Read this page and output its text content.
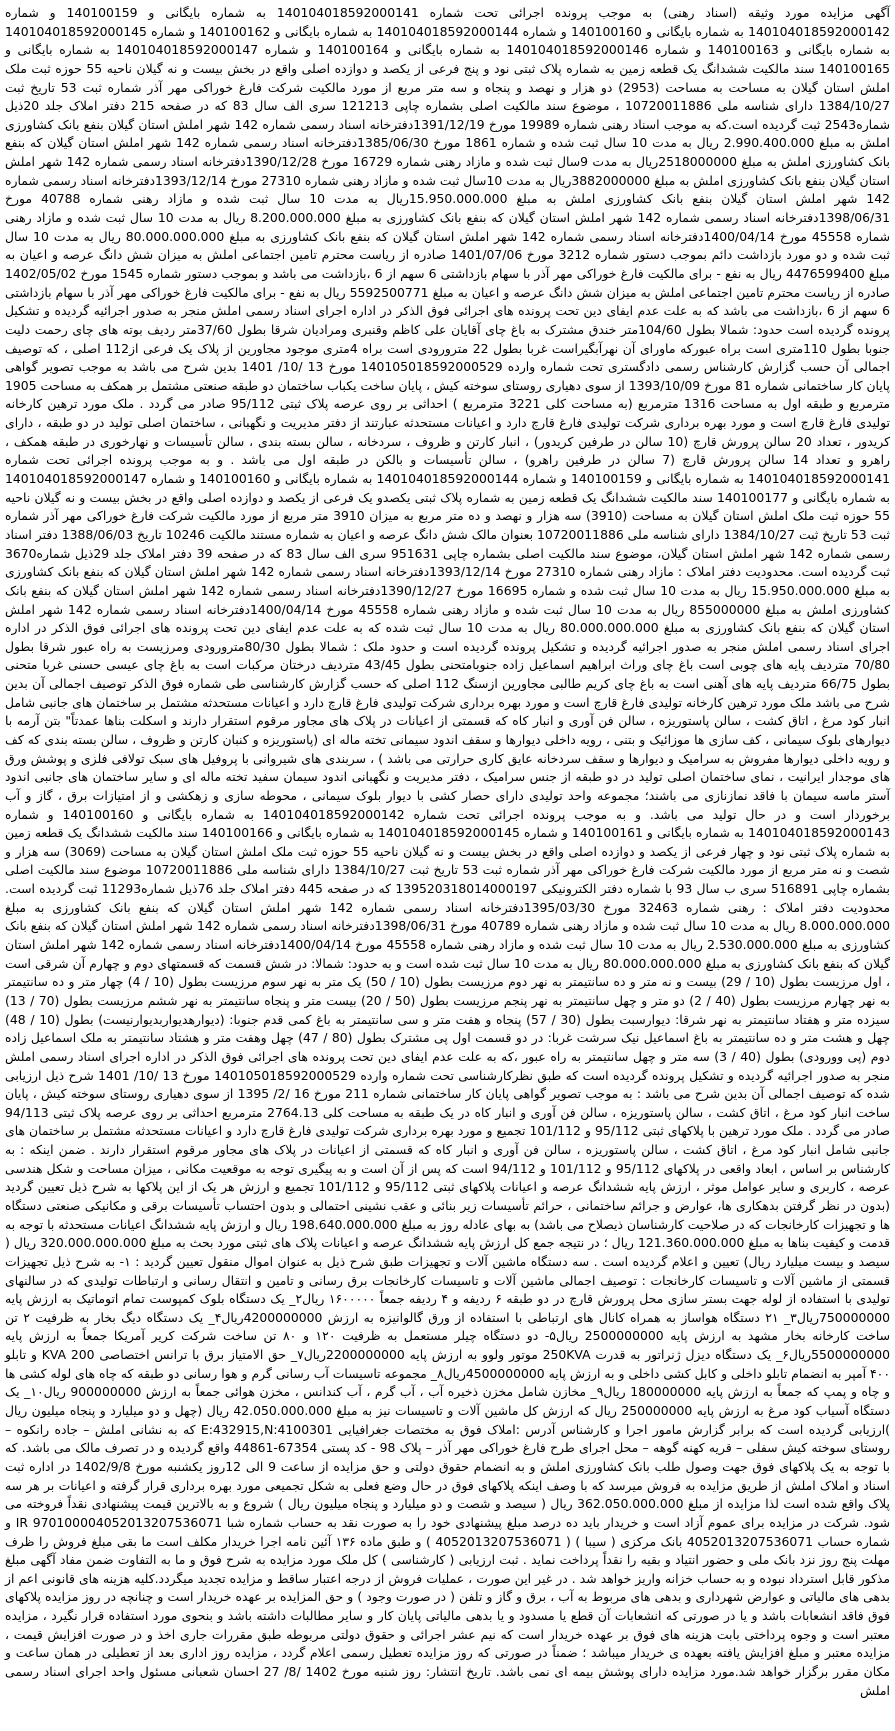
آگهی مزایده مورد وثیقه (اسناد رهنی) به موجب پرونده اجرائی تحت شماره 140104018592000141 به شماره بایگانی و 140100159 و شماره 140104018592000142 به شماره بایگانی و 140100160 و شماره 140104018592000144 به شماره بایگانی و 140100162 و شماره 140104018592000145 به شماره بایگانی و 140100163 و شماره 140104018592000146 به شماره بایگانی و 140100164 و شماره 140104018592000147 به شماره بایگانی و 140100165 سند مالکیت ششدانگ یک قطعه زمین به شماره پلاک ثبتی نود و پنج فرعی از یکصد و دوازده اصلی واقع در بخش بیست و نه گیلان ناحیه 55 حوزه ثبت ملک املش استان گیلان به مساحت به مساحت (2953) دو هزار و نهصد و پنجاه و سه متر مربع از مورد مالکیت شرکت فارغ خوراکی مهر آذر شماره ثبت 53 تاریخ ثبت 1384/10/27 دارای شناسه ملی 10720011886 ، موضوع سند مالکیت اصلی بشماره چاپی 121213 سری الف سال 83 که در صفحه 215 دفتر املاک جلد 20ذیل شماره2543 ثبت گردیده است.که به موجب اسناد رهنی شماره 19989 مورخ 1391/12/19دفترخانه اسناد رسمی شماره 142 شهر املش استان گیلان بنفع بانک کشاورزی املش به مبلغ 2.990.400.000 ریال به مدت 10 سال ثبت شده و شماره 1861 مورخ 1385/06/30دفترخانه اسناد رسمی شماره 142 شهر املش استان گیلان که بنفع بانک کشاورزی املش به مبلغ 2518000000ریال به مدت 9سال ثبت شده و مازاد رهنی شماره 16729 مورخ 1390/12/28دفترخانه اسناد رسمی شماره 142 شهر املش استان گیلان بنفع بانک کشاورزی املش به مبلغ 3882000000ریال به مدت 10سال ثبت شده و مازاد رهنی شماره 27310 مورخ 1393/12/14دفترخانه اسناد رسمی شماره 142 شهر املش استان گیلان بنفع بانک کشاورزی املش به مبلغ 15.950.000.000ریال به مدت 10 سال ثبت شده و مازاد رهنی شماره 40788 مورخ 1398/06/31دفترخانه اسناد رسمی شماره 142 شهر املش استان گیلان که بنفع بانک کشاورزی به مبلغ 8.200.000.000 ریال به مدت 10 سال ثبت شده و مازاد رهنی شماره 45558 مورخ 1400/04/14دفترخانه اسناد رسمی شماره 142 شهر املش استان گیلان که بنفع بانک کشاورزی به مبلغ 80.000.000.000 ریال به مدت 10 سال ثبت شده و دو مورد بازداشت دائم بموجب دستور شماره 3212 مورخ 1401/07/06 صادره از ریاست محترم تامین اجتماعی املش به میزان شش دانگ عرصه و اعیان به مبلغ 4476599400 ریال به نفع - برای مالکیت فارغ خوراکی مهر آذر با سهام بازداشتی 6 سهم از 6 ،بازداشت می باشد و بموجب دستور شماره 1545 مورخ 1402/05/02 صادره از ریاست محترم تامین اجتماعی املش به میزان شش دانگ عرصه و اعیان به مبلغ 5592500771 ریال به نفع - برای مالکیت فارغ خوراکی مهر آذر با سهام بازداشتی 6 سهم از 6 ،بازداشت می باشد که به علت عدم ایفای دین تحت پرونده های اجرائی فوق الذکر در اداره اجرای اسناد رسمی املش منجر به صدور اجرائیه گردیده و تشکیل پرونده گردیده است حدود: شمالا بطول 104/60متر خندق مشترک به باغ چای آقایان علی کاظم وقنبری ومرادیان شرقا بطول 37/60متر ردیف بوته های چای رحمت دلیت جنوبا بطول 110متری است براه عبوركه ماورای آن نهرآبگیراست غربا بطول 22 مترورودی است براه 4متری موجود مجاورین از پلاک یک فرعی از112 اصلی ، که توصیف اجمالی آن حسب گزارش کارشناس رسمی دادگستری تحت شماره وارده 140105018592000529 مورخ 13 /10/ 1401 بدین شرح می باشد به موجب تصویر گواهی پایان کار ساختمانی شماره 81 مورخ 1393/10/09 از سوی دهیاری روستای سوخته کیش ، پایان ساخت یکباب ساختمان دو طبقه صنعتی مشتمل بر همکف به مساحت 1905 مترمربع و طبقه اول به مساحت 1316 مترمربع (به مساحت کلی 3221 مترمربع ) احداثی بر روی عرصه پلاک ثبتی 95/112 صادر می گردد . ملک مورد ترهین کارخانه تولیدی فارغ قارچ است و مورد بهره برداری شرکت تولیدی فارغ قارچ دارد و اعیانات مستحدثه عبارتند از دفتر مدیریت و نگهبانی ، ساختمان اصلی تولید در دو طبقه ، دارای کریدور ، تعداد 20 سالن پرورش قارچ (10 سالن در طرفین کریدور) ، انبار کارتن و ظروف ، سردخانه ، سالن بسته بندی ، سالن تأسیسات و نهارخوری در طبقه همکف ، راهرو و تعداد 14 سالن پرورش قارچ (7 سالن در طرفین راهرو) ، سالن تأسیسات و بالکن در طبقه اول می باشد . و به موجب پرونده اجرائی تحت شماره 140104018592000141 به شماره بایگانی و 140100159 و شماره 140104018592000144 به شماره بایگانی و 140100160 و شماره 140104018592000147 به شماره بایگانی و 140100177 سند مالکیت ششدانگ یک قطعه زمین به شماره پلاک ثبتی یکصدو یک فرعی از یکصد و دوازده اصلی واقع در بخش بیست و نه گیلان ناحیه 55 حوزه ثبت ملک املش استان گیلان به مساحت (3910) سه هزار و نهصد و ده متر مربع به میزان 3910 متر مربع از مورد مالکیت شرکت فارغ خوراکی مهر آذر شماره ثبت 53 تاریخ ثبت 1384/10/27 دارای شناسه ملی 10720011886 بعنوان مالک شش دانگ عرصه و اعیان به شماره مستند مالکیت 10246 تاریخ 1388/06/03 دفتر اسناد رسمی شماره 142 شهر املش استان گیلان، موضوع سند مالکیت اصلی بشماره چاپی 951631 سری الف سال 83 که در صفحه 39 دفتر املاک جلد 29ذیل شماره3670 ثبت گردیده است. محدودیت دفتر املاک : مازاد رهنی شماره 27310 مورخ 1393/12/14دفترخانه اسناد رسمی شماره 142 شهر املش استان گیلان که بنفع بانک کشاورزی به مبلغ 15.950.000.000 ریال به مدت 10 سال ثبت شده و شماره 16695 مورخ 1390/12/27دفترخانه اسناد رسمی شماره 142 شهر املش استان گیلان که بنفع بانک کشاورزی املش به مبلغ 855000000 ریال به مدت 10 سال ثبت شده و مازاد رهنی شماره 45558 مورخ 1400/04/14دفترخانه اسناد رسمی شماره 142 شهر املش استان گیلان که بنفع بانک کشاورزی به مبلغ 80.000.000.000 ریال به مدت 10 سال ثبت شده که به علت عدم ایفای دین تحت پرونده های اجرائی فوق الذکر در اداره اجرای اسناد رسمی املش منجر به صدور اجرائیه گردیده و تشکیل پرونده گردیده است و حدود ملک : شمالا بطول 80/30مترورودی ومرزیست به راه عبور شرقا بطول 70/80 متردیف پایه های چوبی است باغ چای وراث ابراهیم اسماعیل زاده جنوبامتحنی بطول 43/45 متردیف درختان مرکبات است به باغ چای عیسی حسنی غربا متحنی بطول 66/75 متردیف پایه های آهنی است به باغ چای کریم طالبی مجاورین ازسنگ 112 اصلی که حسب گزارش کارشناسی طی شماره فوق الذکر توصیف اجمالی آن بدین شرح می باشد ملک مورد ترهین کارخانه تولیدی فارغ قارچ است و مورد بهره برداری شرکت تولیدی فارغ قارچ دارد و اعیانات مستحدثه مشتمل بر ساختمان های جانبی شامل انبار کود مرغ ، اتاق کشت ، سالن پاستوریزه ، سالن فن آوری و انبار کاه که قسمتی از اعیانات در پلاک های مجاور مرقوم استقرار دارند و اسکلت بناها عمدتاً" بتن آرمه با دیوارهای بلوک سیمانی ، کف سازی ها موزائیک و بتنی ، رویه داخلی دیوارها و سقف اندود سیمانی تخته ماله ای (پاستوریزه و کنبان کارتن و ظروف ، سالن بسته بندی که کف و رویه داخلی دیوارها مفروش به سرامیک و دیوارها و سقف سردخانه عایق کاری حرارتی می باشد ) ، سربندی های شیروانی با پروفیل های سبک تولافی فلزی و پوشش ورق های موجدار ایرانیت ، نمای ساختمان اصلی تولید در دو طبقه از جنس سرامیک ، دفتر مدیریت و نگهبانی اندود سیمان سفید تخته ماله ای و سایر ساختمان های جانبی اندود آستر ماسه سیمان با فاقد نمازنازی می باشند؛ مجموعه واحد تولیدی دارای حصار کشی با دیوار بلوک سیمانی ، محوطه سازی و زهکشی و از امتیازات برق ، گاز و آب برخوردار است و در حال تولید می باشد. و به موجب پرونده اجرائی تحت شماره 140104018592000142 به شماره بایگانی و 140100160 و شماره 140104018592000143 به شماره بایگانی و 140100161 و شماره 140104018592000145 به شماره بایگانی و 140100166 سند مالکیت ششدانگ یک قطعه زمین به شماره پلاک ثبتی نود و چهار فرعی از یکصد و دوازده اصلی واقع در بخش بیست و نه گیلان ناحیه 55 حوزه ثبت ملک املش استان گیلان به مساحت (3069) سه هزار و شصت و نه متر مربع از مورد مالکیت شرکت فارغ خوراکی مهر آذر شماره ثبت 53 تاریخ ثبت 1384/10/27 دارای شناسه ملی 10720011886 موضوع سند مالکیت اصلی بشماره چاپی 516891 سری ب سال 93 با شماره دفتر الکترونیکی 139520318014000197 که در صفحه 445 دفتر املاک جلد 76ذیل شماره11293 ثبت گردیده است. محدودیت دفتر املاک : رهنی شماره 32463 مورخ 1395/03/30دفترخانه اسناد رسمی شماره 142 شهر املش استان گیلان که بنفع بانک کشاورزی به مبلغ 8.000.000.000 ریال به مدت 10 سال ثبت شده و مازاد رهنی شماره 40789 مورخ 1398/06/31دفترخانه اسناد رسمی شماره 142 شهر املش استان گیلان که بنفع بانک کشاورزی به مبلغ 2.530.000.000 ریال به مدت 10 سال ثبت شده و مازاد رهنی شماره 45558 مورخ 1400/04/14دفترخانه اسناد رسمی شماره 142 شهر املش استان گیلان که بنفع بانک کشاورزی به مبلغ 80.000.000.000 ریال به مدت 10 سال ثبت شده است و به حدود: شمالا: در شش قسمت که قسمتهای دوم و چهارم آن شرقی است ، اول مرزیست بطول (10 / 29) بیست و نه متر و ده سانتیمتر به نهر دوم مرزیست بطول (10 / 50) یک متر به نهر سوم مرزیست بطول (10 / 4) چهار متر و ده سانتیمتر به نهر چهارم مرزیست بطول (40 / 2) دو متر و چهل سانتیمتر به نهر پنجم مرزیست بطول (50 / 20) بیست متر و پنجاه سانتیمتر به نهر ششم مرزیست بطول (70 / 13) سیزده متر و هفتاد سانتیمتر به نهر شرقا: دیوارسبت بطول (30 / 57) پنجاه و هفت متر و سی سانتیمتر به باغ کمی قدم جنوبا: (دیوارهدیواربدیوارنیست) بطول (10 / 48) چهل و هشت متر و ده سانتیمتر به باغ اسماعیل نیک سرشت غربا: در دو قسمت اول پی مشترک بطول (80 / 47) چهل وهفت متر و هشتاد سانتیمتر به ملک اسماعیل زاده دوم (پی وورودی) بطول (40 / 3) سه متر و چهل سانتیمتر به راه عبور ،که به علت عدم ایفای دین تحت پرونده های اجرائی فوق الذکر در اداره اجرای اسناد رسمی املش منجر به صدور اجرائیه گردیده و تشکیل پرونده گردیده است که طبق نظرکارشناسی تحت شماره وارده 140105018592000529 مورخ 13 /10/ 1401 شرح ذیل ارزیابی شده که توصیف اجمالی آن بدین شرح می باشد : به موجب تصویر گواهی پایان کار ساختمانی شماره 211 مورخ 16 /2/ 1395 از سوی دهیاری روستای سوخته کیش ، پایان ساخت انبار کود مرغ ، اتاق کشت ، سالن پاستوریزه ، سالن فن آوری و انبار کاه در یک طبقه به مساحت کلی 2764.13 مترمربع احداثی بر روی عرصه پلاک ثبتی 94/113 صادر می گردد . ملک مورد ترهین با پلاکهای ثبتی 95/112 و 101/112 تجمیع و مورد بهره برداری شرکت تولیدی فارغ قارچ دارد و اعیانات مستحدثه مشتمل بر ساختمان های جانبی شامل انبار کود مرغ ، اتاق کشت ، سالن پاستوریزه ، سالن فن آوری و انبار کاه که قسمتی از اعیانات در پلاک های مجاور مرقوم استقرار دارند . ضمن اینکه : به کارشناس بر اساس ، ابعاد واقعی در پلاکهای 95/112 و 101/112 و 94/112 است که پس از آن است و به پیگیری توجه به موقعیت مکانی ، میزان مساحت و شکل هندسی عرصه ، کاربری و سایر عوامل موثر ، ارزش پایه ششدانگ عرصه و اعیانات پلاکهای ثبتی 95/112 و 101/112 تجمیع و ارزش هر یک از این پلاکها به شرح ذیل تعیین گردید (بدون در نظر گرفتن بدهکاری ها، عوارض و جرائم ساختمانی ، حرائم تأسیسات زیر بنائی و عقب نشینی احتمالی و بدون احتساب تأسیسات برقی و مکانیکی صنعتی دستگاه ها و تجهیزات کارخانجات که در صلاحیت کارشناسان ذیصلاح می باشد) به بهای عادله روز به مبلغ 198.640.000.000 ریال و ارزش پایه ششدانگ اعیانات مستحدثه با توجه به قدمت و کیفیت بناها به مبلغ 121.360.000.000 ریال ؛ در نتیجه جمع کل ارزش پایه ششدانگ عرصه و اعیانات پلاک های ثبتی مورد بحث به مبلغ 320.000.000.000 ریال ( سیصد و بیست میلیارد ریال) تعیین و اعلام گردیده است . سه دستگاه ماشین آلات و تجهیزات طبق شرح ذیل به عنوان اموال منقول تعیین گردید : ١- به شرح ذیل تجهیزات قسمتی از ماشین آلات و تاسیسات کارخانجات : توصیف اجمالی ماشین آلات و تاسیسات کارخانجات برق رسانی و تامین و انتقال رسانی و ارتباطات تولیدی که در سالنهای تولیدی با استفاده از لوله جهت بستر سازی محل پرورش قارچ در دو طبقه ۶ ردیفه و ۴ ردیفه جمعاً ۱۶۰۰۰۰۰ ریال۲_ یک دستگاه بلوک کمپوست تمام اتوماتیک به ارزش پایه 750000000ریال۳_ ۲۱ دستگاه هواساز به همراه کانال های ارتباطی با استفاده از ورق گالوانیزه به ارزش 4200000000ریال۴_ یک دستگاه دیگ بخار به ظرفیت ۲ تن ساخت کارخانه بخار مشهد به ارزش پایه 2500000000 ریال۵- دو دستگاه چیلر مستعمل به ظرفیت ۱۲۰ و ۸۰ تن ساخت شرکت کریر آمریکا جمعاً به ارزش پایه 5500000000ریال۶_ یک دستگاه دیزل ژنراتور به قدرت 250KVA موتور ولوو به ارزش پایه 2200000000ریال۷_ حق الامتیاز برق با ترانس اختصاصی 200 KVA و تابلو ۴۰۰ آمپر به انضمام تابلو داخلی و کابل کشی داخلی و به ارزش پایه 4500000000ریال۸_ مجموعه تاسیسات آب رسانی گرم و هوا رسانی دو طبقه که چاه های لوله کشی ها و چاه و پمپ که جمعاً به ارزش پایه 180000000 ریال۹_ مخازن شامل مخزن ذخیره آب ، آب گرم ، آب کندانس ، مخزن هوائی جمعاً به ارزش 900000000 ریال۱۰_ یک دستگاه آسیاب کود مرغ به ارزش پایه 250000000 ریال که ارزش کل ماشین آلات و تاسیسات نیز به مبلغ 42.050.000.000 ریال (چهل و دو میلیارد و پنجاه میلیون ریال )ارزیابی گردیده است که برابر گزارش مامور اجرا و کارشناس آدرس :املاک فوق به مختصات جغرافیایی E:432915,N:4100301 که به نشانی املش – جاده رانکوه –روستای سوخته کیش سفلی – قریه کهنه گوهه – محل اجرای طرح فارغ خوراکی مهر آذر – پلاک 98 - کد پستی 67354-44861 واقع گردیده و در تصرف مالک می باشد. که با توجه به یک پلاکهای فوق جهت وصول طلب بانک کشاورزی املش و به انضمام حقوق دولتی و حق مزایده از ساعت 9 الی 12روز یکشنبه مورخ 1402/9/8 در اداره ثبت اسناد و املاک املش از طریق مزایده به فروش میرسد که با وصف اینکه پلاکهای فوق در حال وضع فعلی به شکل تجمیعی مورد بهره برداری قرار گرفته و اعیانات بر هر سه پلاک واقع شده است لذا مزایده از مبلغ 362.050.000.000 ریال ( سیصد و شصت و دو میلیارد و پنجاه میلیون ریال ) شروع و به بالاترین قیمت پیشنهادی نقداً فروخته می شود. شرکت در مزایده برای عموم آزاد است و خریدار باید ده درصد مبلغ پیشنهادی خود را به صورت نقد به حساب شماره شبا IR 970100004052013207536071 و شماره حساب 4052013207536071 بانک مرکزی ( سیبا ) ( 4052013207536071 ) و طبق ماده ۱۳۶ آئین نامه اجرا خریدار مکلف است ما بقی مبلغ فروش را ظرف مهلت پنج روز نزد بانک ملی و حضور انتیاد و بقیه را نقداً پرداخت نماید . ثبت ارزیابی ( کارشناسی ) کل ملک مورد مزایده به شرح فوق و ما به التفاوت ضمن مفاد آگهی مبلغ مذکور قابل استرداد نبوده و به حساب خزانه واریز خواهد شد . در غیر این صورت ، عملیات فروش از درجه اعتبار ساقط و مزایده تجدید میگردد.کلیه هزینه های قانونی اعم از بدهی های مالیاتی و عوارض شهرداری و بدهی های مربوط به آب ، برق و گاز و تلفن ( در صورت وجود ) و حق المزایده بر عهده خریدار است و چنانچه در روز مزایده پلاکهای فوق فاقد انشعابات باشد و یا در صورتی که انشعابات آن قطع یا مسدود و یا بدهی مالیاتی پایان کار و سایر مطالبات داشته باشد و بنحوی مورد استفاده قرار نگیرد ، مزایده معتبر است و وجوه پرداختی بابت هزینه های فوق بر عهده خریدار است که نیم عشر اجرائی و حقوق دولتی مربوطه طبق مقررات جاری اخذ و در صورت افزایش قیمت ، مزایده معتبر و مبلغ افزایش یافته بعهده ی خریدار میباشد ؛ ضمناً در صورتی که روز مزایده تعطیل رسمی اعلام گردد ، مزایده روز اداری بعد از تعطیلی در همان ساعت و مکان مقرر برگزار خواهد شد.مورد مزایده دارای پوشش بیمه ای نمی باشد. تاریخ انتشار: روز شنبه مورخ 1402 /8/ 27 احسان شعبانی مسئول واحد اجرای اسناد رسمی املش
